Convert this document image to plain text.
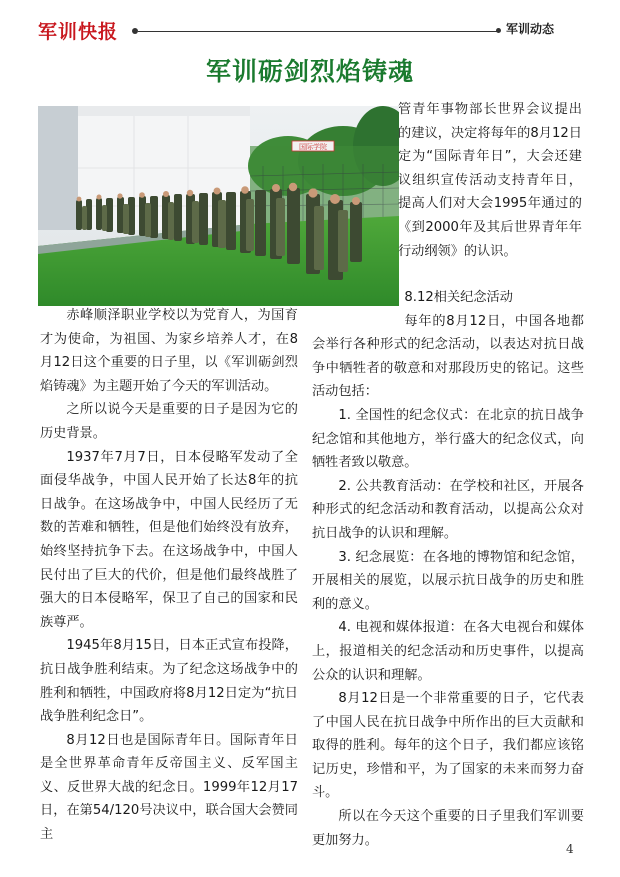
军训快报	军训动态
军训砺剑烈焰铸魂
国际学院

管青年事物部长世界会议提出的建议，决定将每年的8月12日定为“国际青年日”，大会还建议组织宣传活动支持青年日，提高人们对大会1995年通过的《到2000年及其后世界青年年行动纲领》的认识。

赤峰顺泽职业学校以为党育人，为国育才为使命，为祖国、为家乡培养人才，在8月12日这个重要的日子里，以《军训砺剑烈焰铸魂》为主题开始了今天的军训活动。

之所以说今天是重要的日子是因为它的历史背景。

1937年7月7日，日本侵略军发动了全面侵华战争，中国人民开始了长达8年的抗日战争。在这场战争中，中国人民经历了无数的苦难和牺牲，但是他们始终没有放弃，始终坚持抗争下去。在这场战争中，中国人民付出了巨大的代价，但是他们最终战胜了强大的日本侵略军，保卫了自己的国家和民族尊严。

1945年8月15日，日本正式宣布投降，抗日战争胜利结束。为了纪念这场战争中的胜利和牺牲，中国政府将8月12日定为“抗日战争胜利纪念日”。

8月12日也是国际青年日。国际青年日是全世界革命青年反帝国主义、反军国主义、反世界大战的纪念日。1999年12月17日，在第54/120号决议中，联合国大会赞同主

8.12相关纪念活动

每年的8月12日，中国各地都会举行各种形式的纪念活动，以表达对抗日战争中牺牲者的敬意和对那段历史的铭记。这些活动包括：

1. 全国性的纪念仪式：在北京的抗日战争纪念馆和其他地方，举行盛大的纪念仪式，向牺牲者致以敬意。

2. 公共教育活动：在学校和社区，开展各种形式的纪念活动和教育活动，以提高公众对抗日战争的认识和理解。

3. 纪念展览：在各地的博物馆和纪念馆，开展相关的展览，以展示抗日战争的历史和胜利的意义。

4. 电视和媒体报道：在各大电视台和媒体上，报道相关的纪念活动和历史事件，以提高公众的认识和理解。

8月12日是一个非常重要的日子，它代表了中国人民在抗日战争中所作出的巨大贡献和取得的胜利。每年的这个日子，我们都应该铭记历史，珍惜和平，为了国家的未来而努力奋斗。

所以在今天这个重要的日子里我们军训要更加努力。

4
